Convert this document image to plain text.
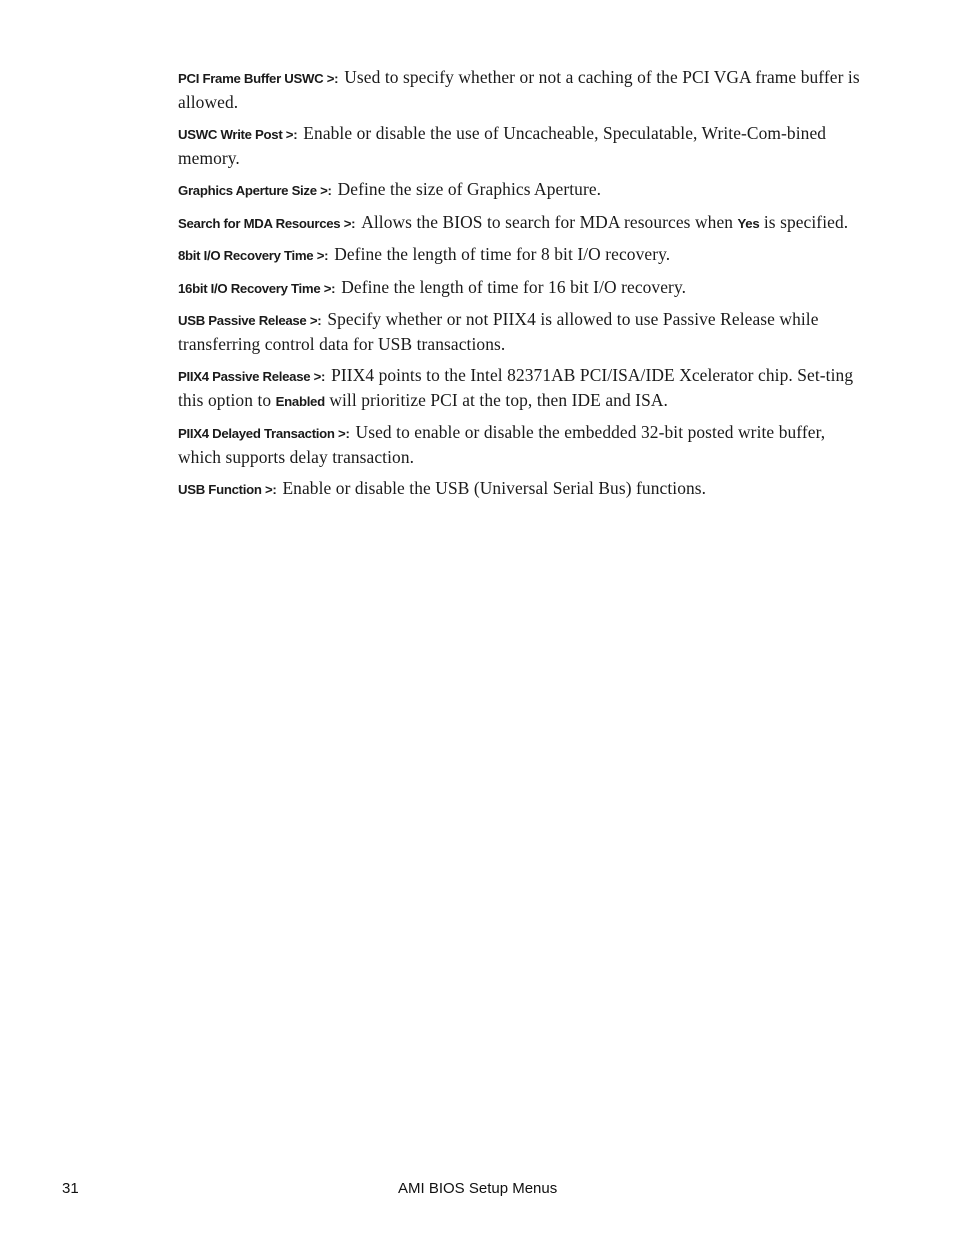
PCI Frame Buffer USWC >: Used to specify whether or not a caching of the PCI VGA frame buffer is allowed.

USWC Write Post >: Enable or disable the use of Uncacheable, Speculatable, Write-Com-bined memory.

Graphics Aperture Size >: Define the size of Graphics Aperture.

Search for MDA Resources >: Allows the BIOS to search for MDA resources when Yes is specified.

8bit I/O Recovery Time >: Define the length of time for 8 bit I/O recovery.

16bit I/O Recovery Time >: Define the length of time for 16 bit I/O recovery.

USB Passive Release >: Specify whether or not PIIX4 is allowed to use Passive Release while transferring control data for USB transactions.

PIIX4 Passive Release >: PIIX4 points to the Intel 82371AB PCI/ISA/IDE Xcelerator chip. Set-ting this option to Enabled will prioritize PCI at the top, then IDE and ISA.

PIIX4 Delayed Transaction >: Used to enable or disable the embedded 32-bit posted write buffer, which supports delay transaction.

USB Function >: Enable or disable the USB (Universal Serial Bus) functions.

31	AMI BIOS Setup Menus
